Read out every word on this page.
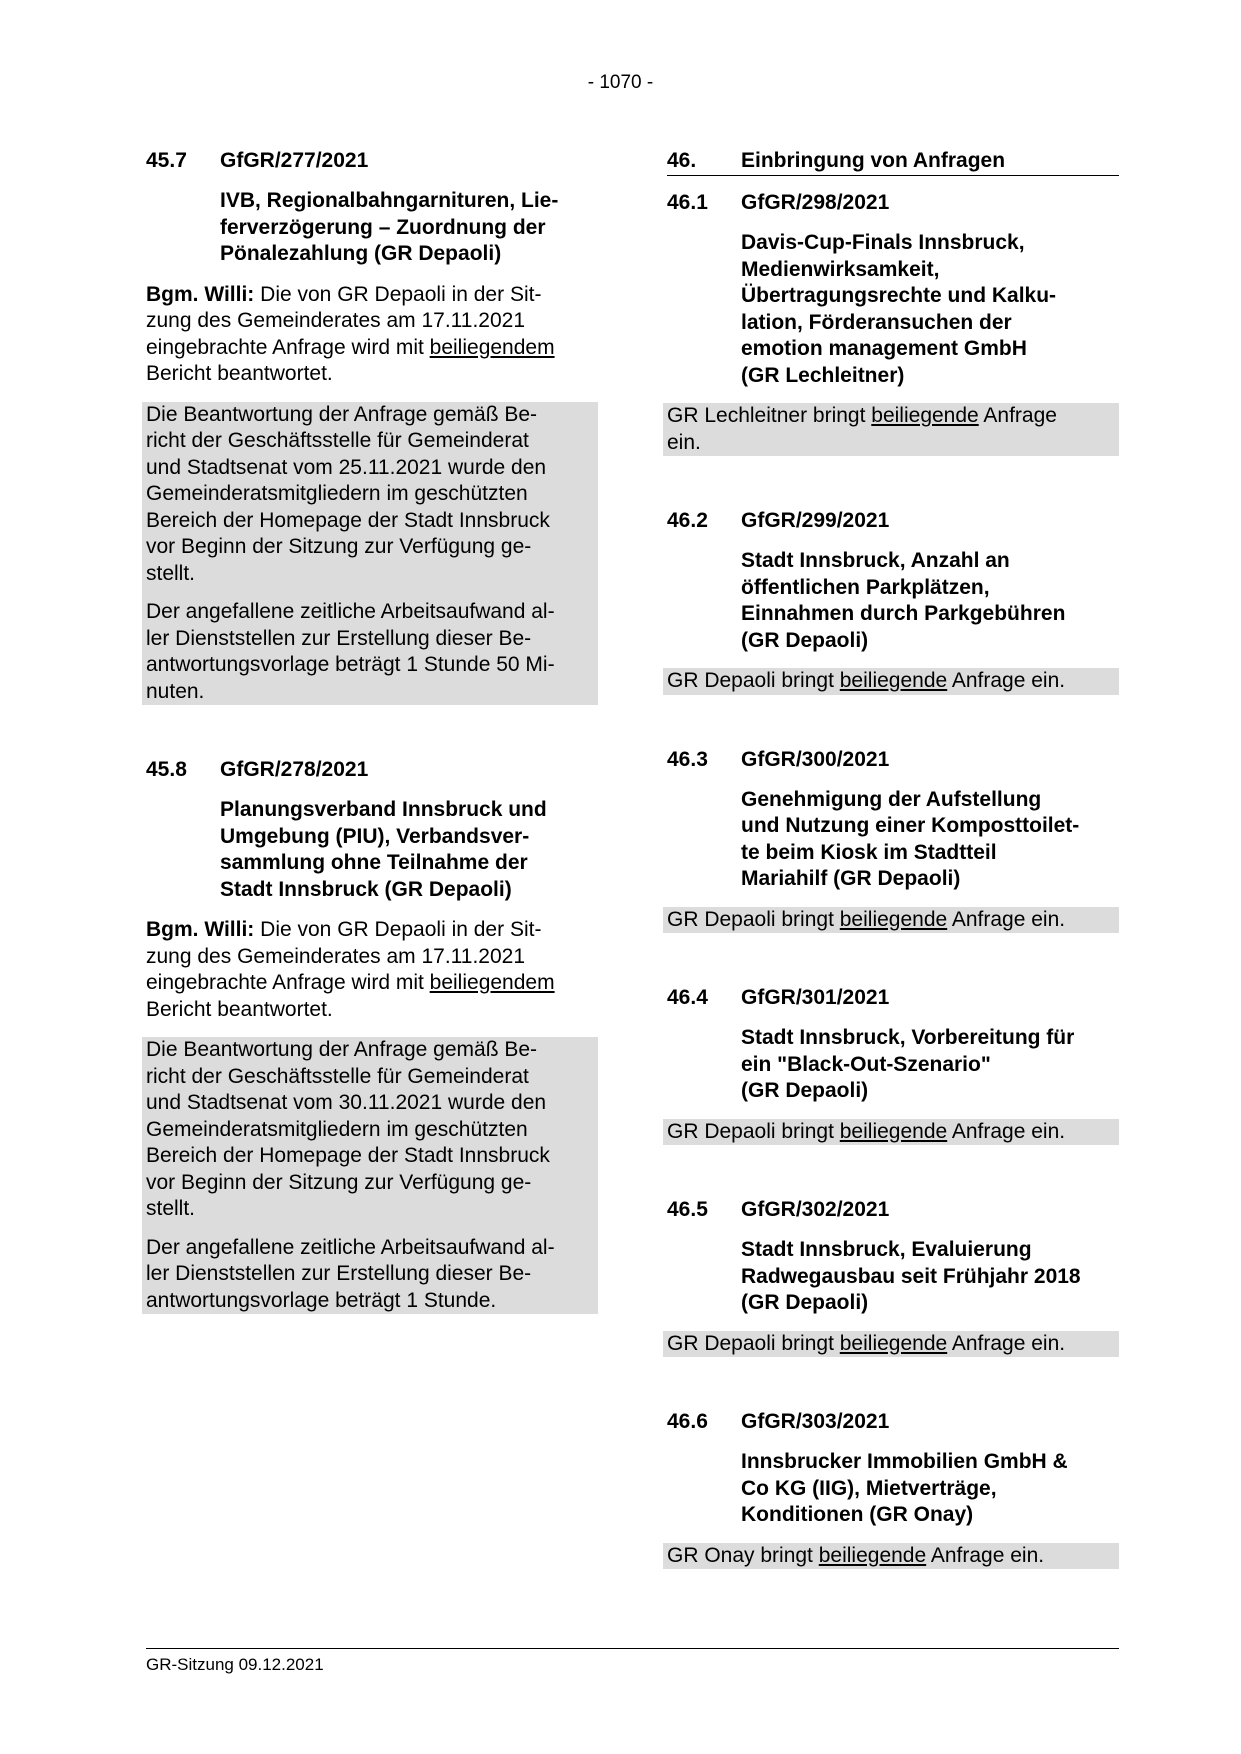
- 1070 -
45.7	GfGR/277/2021
IVB, Regionalbahngarnituren, Lie-
ferverzögerung – Zuordnung der
Pönalezahlung (GR Depaoli)
Bgm. Willi: Die von GR Depaoli in der Sit-
zung des Gemeinderates am 17.11.2021
eingebrachte Anfrage wird mit beiliegendem
Bericht beantwortet.
Die Beantwortung der Anfrage gemäß Be-
richt der Geschäftsstelle für Gemeinderat
und Stadtsenat vom 25.11.2021 wurde den
Gemeinderatsmitgliedern im geschützten
Bereich der Homepage der Stadt Innsbruck
vor Beginn der Sitzung zur Verfügung ge-
stellt.
Der angefallene zeitliche Arbeitsaufwand al-
ler Dienststellen zur Erstellung dieser Be-
antwortungsvorlage beträgt 1 Stunde 50 Mi-
nuten.
45.8	GfGR/278/2021
Planungsverband Innsbruck und
Umgebung (PIU), Verbandsver-
sammlung ohne Teilnahme der
Stadt Innsbruck (GR Depaoli)
Bgm. Willi: Die von GR Depaoli in der Sit-
zung des Gemeinderates am 17.11.2021
eingebrachte Anfrage wird mit beiliegendem
Bericht beantwortet.
Die Beantwortung der Anfrage gemäß Be-
richt der Geschäftsstelle für Gemeinderat
und Stadtsenat vom 30.11.2021 wurde den
Gemeinderatsmitgliedern im geschützten
Bereich der Homepage der Stadt Innsbruck
vor Beginn der Sitzung zur Verfügung ge-
stellt.
Der angefallene zeitliche Arbeitsaufwand al-
ler Dienststellen zur Erstellung dieser Be-
antwortungsvorlage beträgt 1 Stunde.
46.	Einbringung von Anfragen
46.1	GfGR/298/2021
Davis-Cup-Finals Innsbruck,
Medienwirksamkeit,
Übertragungsrechte und Kalku-
lation, Förderansuchen der
emotion management GmbH
(GR Lechleitner)
GR Lechleitner bringt beiliegende Anfrage
ein.
46.2	GfGR/299/2021
Stadt Innsbruck, Anzahl an
öffentlichen Parkplätzen,
Einnahmen durch Parkgebühren
(GR Depaoli)
GR Depaoli bringt beiliegende Anfrage ein.
46.3	GfGR/300/2021
Genehmigung der Aufstellung
und Nutzung einer Komposttoilet-
te beim Kiosk im Stadtteil
Mariahilf (GR Depaoli)
GR Depaoli bringt beiliegende Anfrage ein.
46.4	GfGR/301/2021
Stadt Innsbruck, Vorbereitung für
ein "Black-Out-Szenario"
(GR Depaoli)
GR Depaoli bringt beiliegende Anfrage ein.
46.5	GfGR/302/2021
Stadt Innsbruck, Evaluierung
Radwegausbau seit Frühjahr 2018
(GR Depaoli)
GR Depaoli bringt beiliegende Anfrage ein.
46.6	GfGR/303/2021
Innsbrucker Immobilien GmbH &
Co KG (IIG), Mietverträge,
Konditionen (GR Onay)
GR Onay bringt beiliegende Anfrage ein.
GR-Sitzung 09.12.2021
